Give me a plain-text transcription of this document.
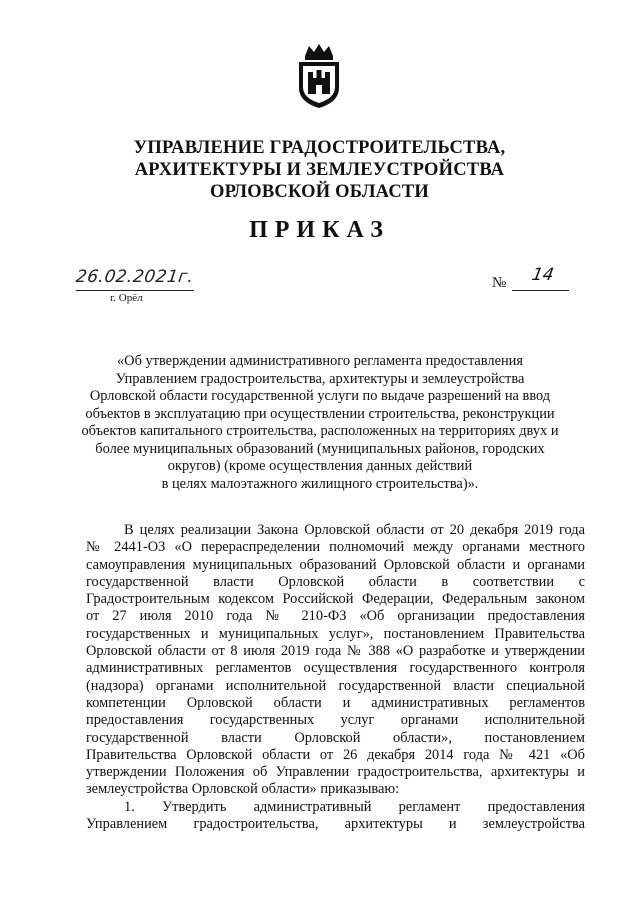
УПРАВЛЕНИЕ ГРАДОСТРОИТЕЛЬСТВА,
АРХИТЕКТУРЫ И ЗЕМЛЕУСТРОЙСТВА
ОРЛОВСКОЙ ОБЛАСТИ
ПРИКАЗ
26.02.2021г.
г. Орёл
№ 14
«Об утверждении административного регламента предоставления
Управлением градостроительства, архитектуры и землеустройства
Орловской области государственной услуги по выдаче разрешений на ввод
объектов в эксплуатацию при осуществлении строительства, реконструкции
объектов капитального строительства, расположенных на территориях двух и
более муниципальных образований (муниципальных районов, городских
округов) (кроме осуществления данных действий
в целях малоэтажного жилищного строительства)».
В целях реализации Закона Орловской области от 20 декабря 2019 года
№ 2441-ОЗ «О перераспределении полномочий между органами местного
самоуправления муниципальных образований Орловской области и органами
государственной власти Орловской области в соответствии с
Градостроительным кодексом Российской Федерации, Федеральным законом
от 27 июля 2010 года № 210-ФЗ «Об организации предоставления
государственных и муниципальных услуг», постановлением Правительства
Орловской области от 8 июля 2019 года № 388 «О разработке и утверждении
административных регламентов осуществления государственного контроля
(надзора) органами исполнительной государственной власти специальной
компетенции Орловской области и административных регламентов
предоставления государственных услуг органами исполнительной
государственной власти Орловской области», постановлением
Правительства Орловской области от 26 декабря 2014 года № 421 «Об
утверждении Положения об Управлении градостроительства, архитектуры и
землеустройства Орловской области» приказываю:
1. Утвердить административный регламент предоставления
Управлением градостроительства, архитектуры и землеустройства
